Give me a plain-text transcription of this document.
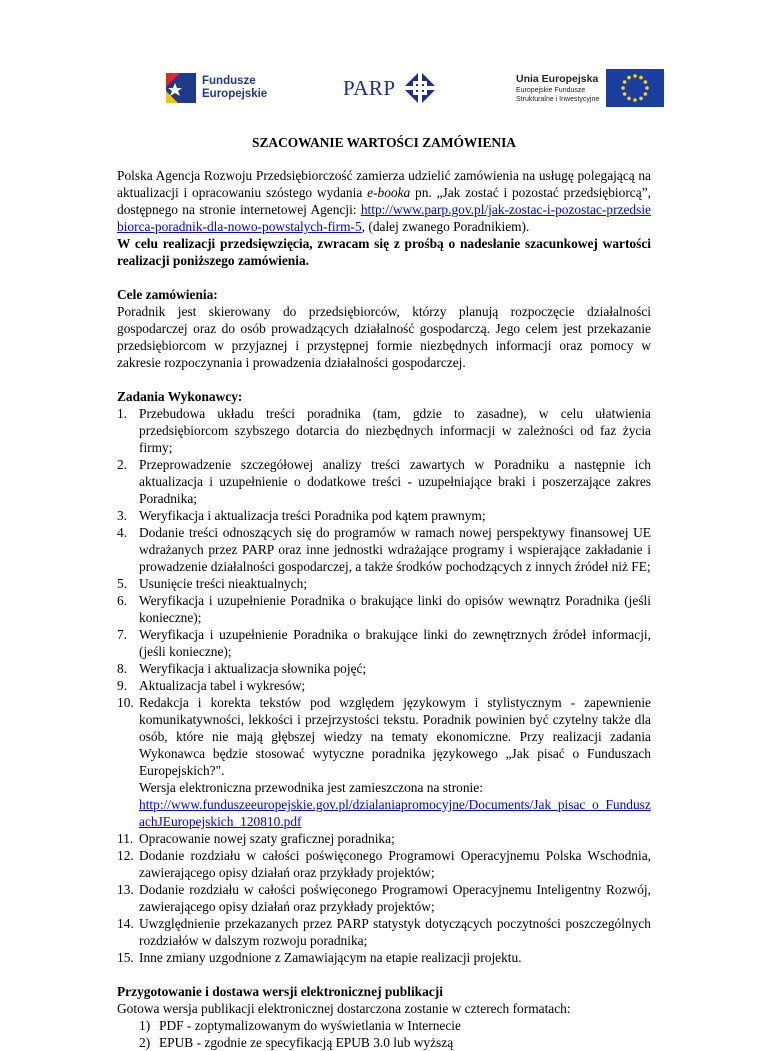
Fundusze
Europejskie	PARP	Unia Europejska
Europejskie Fundusze
Strukturalne i Inwestycyjne
SZACOWANIE WARTOŚCI ZAMÓWIENIA

Polska Agencja Rozwoju Przedsiębiorczość zamierza udzielić zamówienia na usługę polegającą na aktualizacji i opracowaniu szóstego wydania e-booka pn. „Jak zostać i pozostać przedsiębiorcą”, dostępnego na stronie internetowej Agencji: http://www.parp.gov.pl/jak-zostac-i-pozostac-przedsiebiorca-poradnik-dla-nowo-powstalych-firm-5, (dalej zwanego Poradnikiem).

W celu realizacji przedsięwzięcia, zwracam się z prośbą o nadesłanie szacunkowej wartości realizacji poniższego zamówienia.

Cele zamówienia:

Poradnik jest skierowany do przedsiębiorców, którzy planują rozpoczęcie działalności gospodarczej oraz do osób prowadzących działalność gospodarczą. Jego celem jest przekazanie przedsiębiorcom w przyjaznej i przystępnej formie niezbędnych informacji oraz pomocy w zakresie rozpoczynania i prowadzenia działalności gospodarczej.

Zadania Wykonawcy:

1. Przebudowa układu treści poradnika (tam, gdzie to zasadne), w celu ułatwienia przedsiębiorcom szybszego dotarcia do niezbędnych informacji w zależności od faz życia firmy;
2. Przeprowadzenie szczegółowej analizy treści zawartych w Poradniku a następnie ich aktualizacja i uzupełnienie o dodatkowe treści - uzupełniające braki i poszerzające zakres Poradnika;
3. Weryfikacja i aktualizacja treści Poradnika pod kątem prawnym;
4. Dodanie treści odnoszących się do programów w ramach nowej perspektywy finansowej UE wdrażanych przez PARP oraz inne jednostki wdrażające programy i wspierające zakładanie i prowadzenie działalności gospodarczej, a także środków pochodzących z innych źródeł niż FE;
5. Usunięcie treści nieaktualnych;
6. Weryfikacja i uzupełnienie Poradnika o brakujące linki do opisów wewnątrz Poradnika (jeśli konieczne);
7. Weryfikacja i uzupełnienie Poradnika o brakujące linki do zewnętrznych źródeł informacji, (jeśli konieczne);
8. Weryfikacja i aktualizacja słownika pojęć;
9. Aktualizacja tabel i wykresów;
10. Redakcja i korekta tekstów pod względem językowym i stylistycznym - zapewnienie komunikatywności, lekkości i przejrzystości tekstu. Poradnik powinien być czytelny także dla osób, które nie mają głębszej wiedzy na tematy ekonomiczne. Przy realizacji zadania Wykonawca będzie stosować wytyczne poradnika językowego „Jak pisać o Funduszach Europejskich?".
Wersja elektroniczna przewodnika jest zamieszczona na stronie:
http://www.funduszeeuropejskie.gov.pl/dzialaniapromocyjne/Documents/Jak_pisac_o_FunduszachJEuropejskich_120810.pdf
11. Opracowanie nowej szaty graficznej poradnika;
12. Dodanie rozdziału w całości poświęconego Programowi Operacyjnemu Polska Wschodnia, zawierającego opisy działań oraz przykłady projektów;
13. Dodanie rozdziału w całości poświęconego Programowi Operacyjnemu Inteligentny Rozwój, zawierającego opisy działań oraz przykłady projektów;
14. Uwzględnienie przekazanych przez PARP statystyk dotyczących poczytności poszczególnych rozdziałów w dalszym rozwoju poradnika;
15. Inne zmiany uzgodnione z Zamawiającym na etapie realizacji projektu.

Przygotowanie i dostawa wersji elektronicznej publikacji

Gotowa wersja publikacji elektronicznej dostarczona zostanie w czterech formatach:

1) PDF - zoptymalizowanym do wyświetlania w Internecie
2) EPUB - zgodnie ze specyfikacją EPUB 3.0 lub wyższą
